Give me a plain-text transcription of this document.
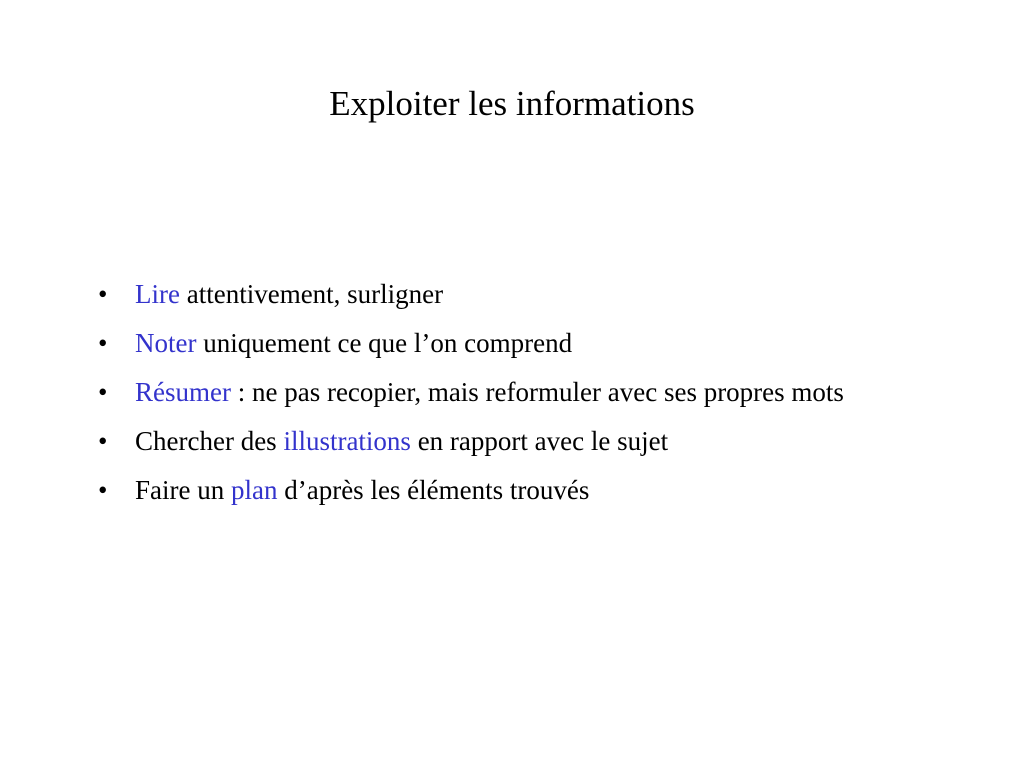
Exploiter les informations
•	Lire attentivement, surligner
•	Noter uniquement ce que l’on comprend
•	Résumer : ne pas recopier, mais reformuler avec ses propres mots
•	Chercher des illustrations en rapport avec le sujet
•	Faire un plan d’après les éléments trouvés
